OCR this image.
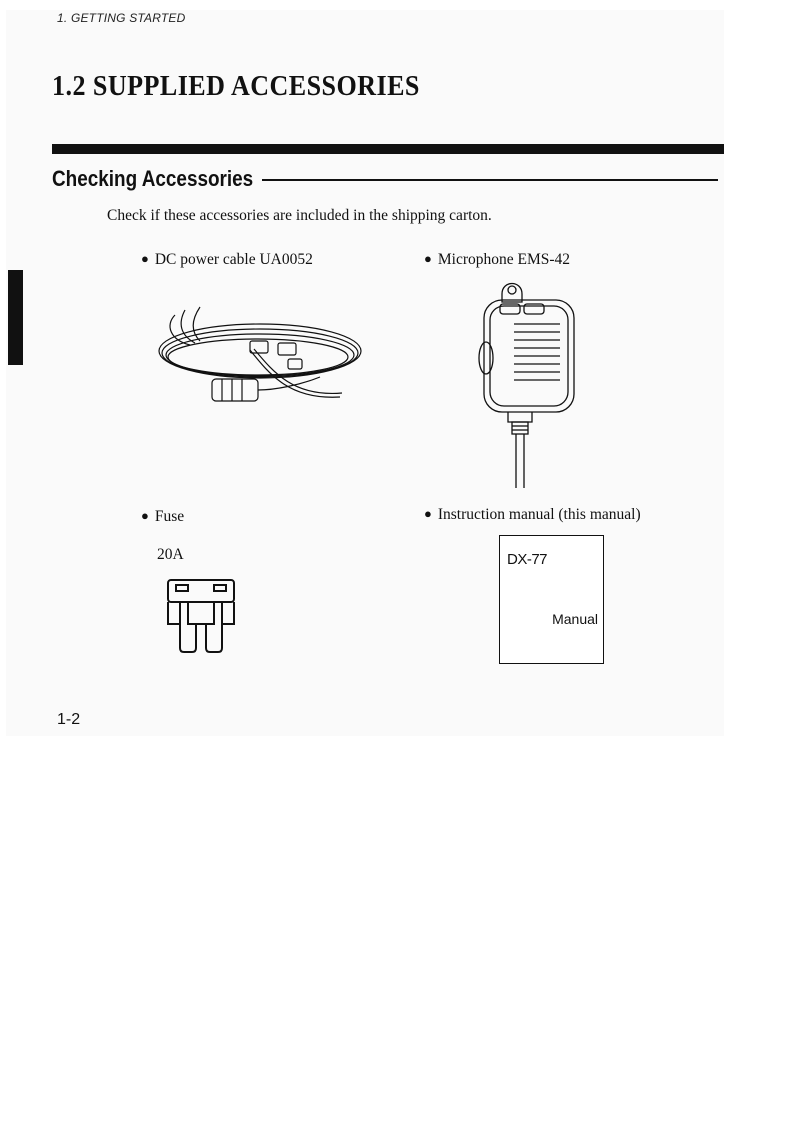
1. GETTING STARTED
1.2 SUPPLIED ACCESSORIES
Checking Accessories
Check if these accessories are included in the shipping carton.
● DC power cable UA0052	● Microphone EMS-42
● Fuse
20A
● Instruction manual (this manual)
DX-77
Manual
1-2
